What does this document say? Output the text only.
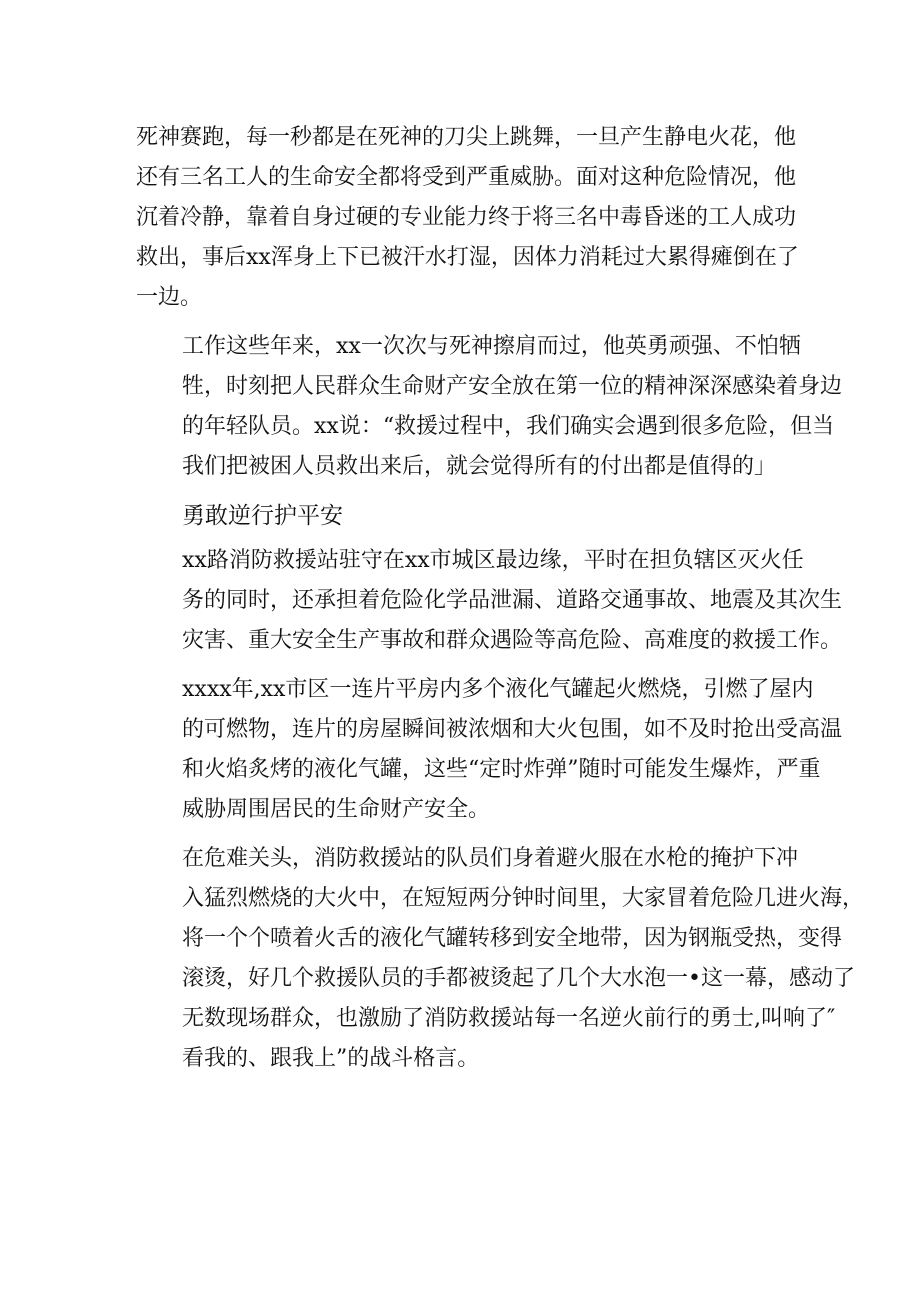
死神赛跑，每一秒都是在死神的刀尖上跳舞，一旦产生静电火花，他
还有三名工人的生命安全都将受到严重威胁。面对这种危险情况，他
沉着冷静，靠着自身过硬的专业能力终于将三名中毒昏迷的工人成功
救出，事后xx浑身上下已被汗水打湿，因体力消耗过大累得瘫倒在了
一边。

工作这些年来，xx一次次与死神擦肩而过，他英勇顽强、不怕牺
牲，时刻把人民群众生命财产安全放在第一位的精神深深感染着身边
的年轻队员。xx说：“救援过程中，我们确实会遇到很多危险，但当
我们把被困人员救出来后，就会觉得所有的付出都是值得的」

勇敢逆行护平安

xx路消防救援站驻守在xx市城区最边缘，平时在担负辖区灭火任
务的同时，还承担着危险化学品泄漏、道路交通事故、地震及其次生
灾害、重大安全生产事故和群众遇险等高危险、高难度的救援工作。

xxxx年,xx市区一连片平房内多个液化气罐起火燃烧，引燃了屋内
的可燃物，连片的房屋瞬间被浓烟和大火包围，如不及时抢出受高温
和火焰炙烤的液化气罐，这些“定时炸弹”随时可能发生爆炸，严重
威胁周围居民的生命财产安全。

在危难关头，消防救援站的队员们身着避火服在水枪的掩护下冲
入猛烈燃烧的大火中，在短短两分钟时间里，大家冒着危险几进火海，
将一个个喷着火舌的液化气罐转移到安全地带，因为钢瓶受热，变得
滚烫，好几个救援队员的手都被烫起了几个大水泡一•这一幕，感动了
无数现场群众，也激励了消防救援站每一名逆火前行的勇士,叫响了″
看我的、跟我上”的战斗格言。
